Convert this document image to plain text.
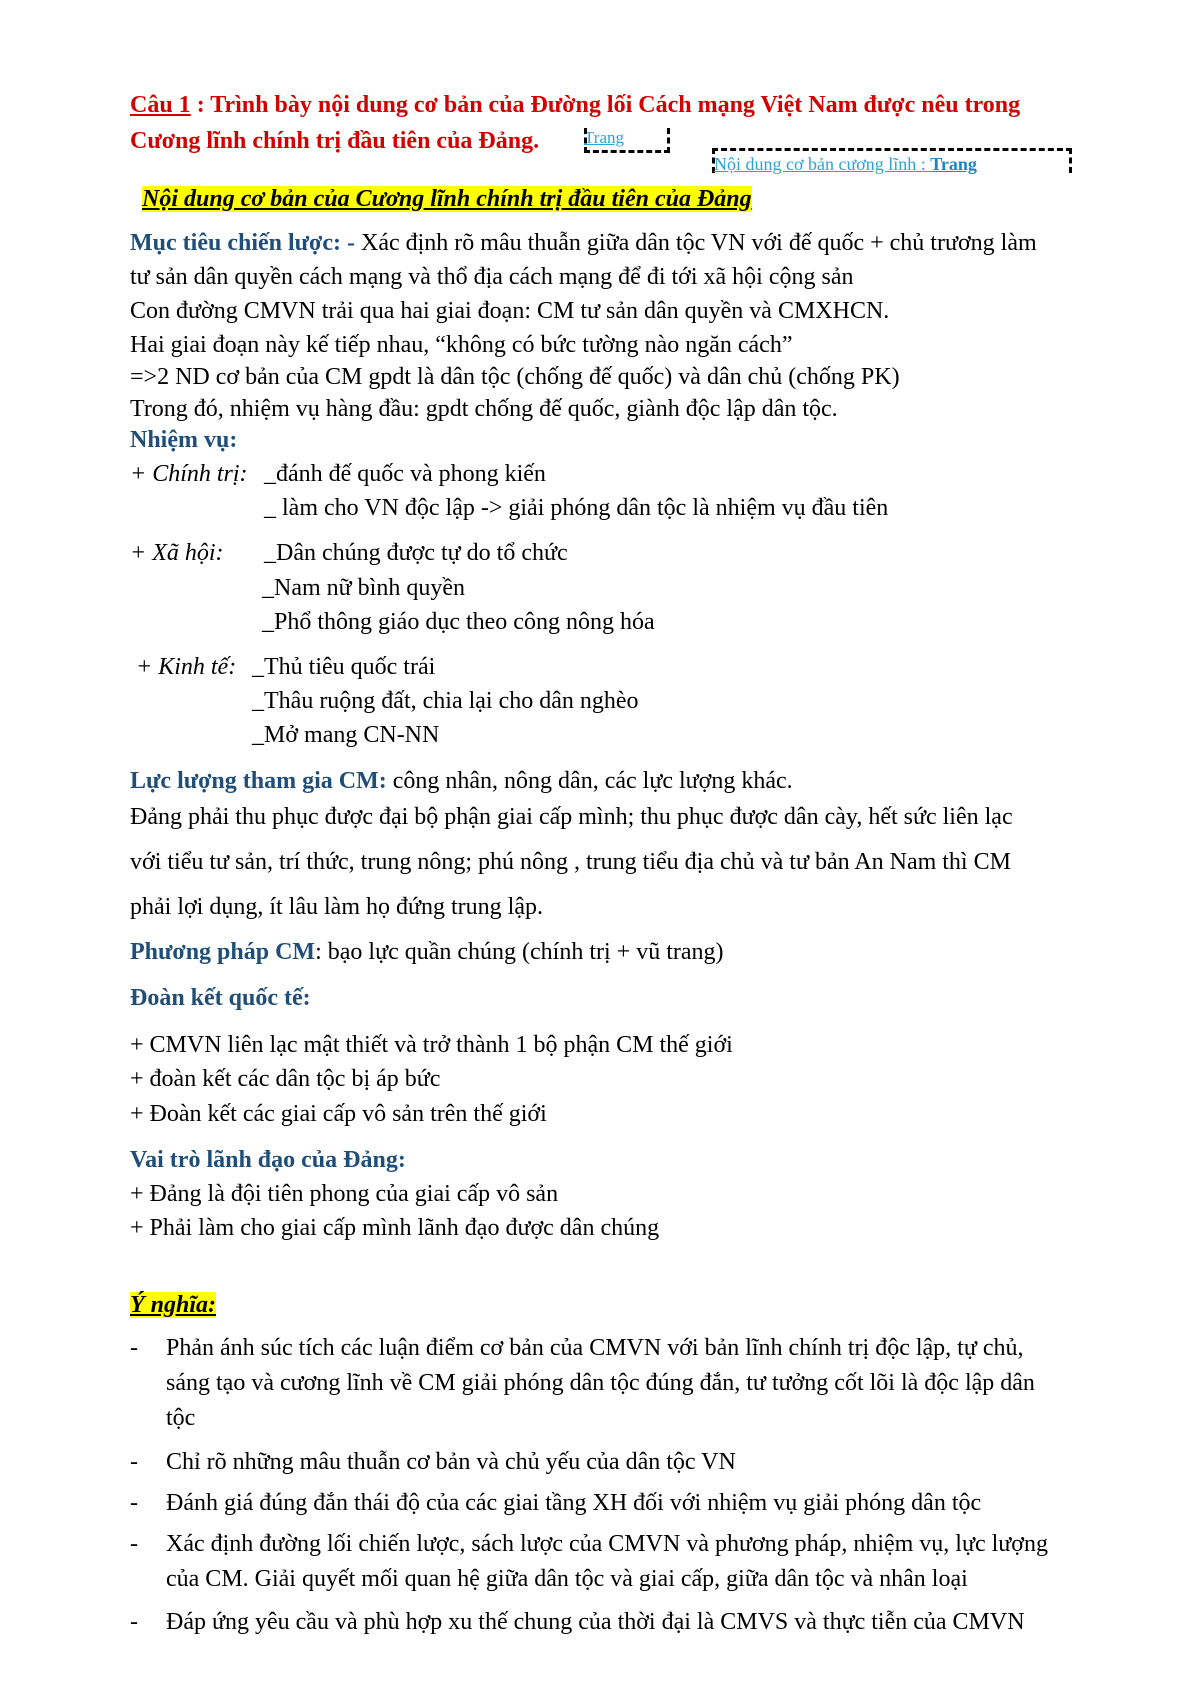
Câu 1 : Trình bày nội dung cơ bản của Đường lối Cách mạng Việt Nam được nêu trong
Cương lĩnh chính trị đầu tiên của Đảng.	Trang
Nội dung cơ bản cương lĩnh : Trang
Nội dung cơ bản của Cương lĩnh chính trị đầu tiên của Đảng
Mục tiêu chiến lược: - Xác định rõ mâu thuẫn giữa dân tộc VN với đế quốc + chủ trương làm
tư sản dân quyền cách mạng và thổ địa cách mạng để đi tới xã hội cộng sản
Con đường CMVN trải qua hai giai đoạn: CM tư sản dân quyền và CMXHCN.
Hai giai đoạn này kế tiếp nhau, “không có bức tường nào ngăn cách”
=>2 ND cơ bản của CM gpdt là dân tộc (chống đế quốc) và dân chủ (chống PK)
Trong đó, nhiệm vụ hàng đầu: gpdt chống đế quốc, giành độc lập dân tộc.
Nhiệm vụ:
+ Chính trị: _đánh đế quốc và phong kiến
_ làm cho VN độc lập -> giải phóng dân tộc là nhiệm vụ đầu tiên
+ Xã hội: _Dân chúng được tự do tổ chức
_Nam nữ bình quyền
_Phổ thông giáo dục theo công nông hóa
+ Kinh tế: _Thủ tiêu quốc trái
_Thâu ruộng đất, chia lại cho dân nghèo
_Mở mang CN-NN
Lực lượng tham gia CM: công nhân, nông dân, các lực lượng khác.
Đảng phải thu phục được đại bộ phận giai cấp mình; thu phục được dân cày, hết sức liên lạc
với tiểu tư sản, trí thức, trung nông; phú nông , trung tiểu địa chủ và tư bản An Nam thì CM
phải lợi dụng, ít lâu làm họ đứng trung lập.
Phương pháp CM: bạo lực quần chúng (chính trị + vũ trang)
Đoàn kết quốc tế:
+ CMVN liên lạc mật thiết và trở thành 1 bộ phận CM thế giới
+ đoàn kết các dân tộc bị áp bức
+ Đoàn kết các giai cấp vô sản trên thế giới
Vai trò lãnh đạo của Đảng:
+ Đảng là đội tiên phong của giai cấp vô sản
+ Phải làm cho giai cấp mình lãnh đạo được dân chúng
Ý nghĩa:
- Phản ánh súc tích các luận điểm cơ bản của CMVN với bản lĩnh chính trị độc lập, tự chủ,
sáng tạo và cương lĩnh về CM giải phóng dân tộc đúng đắn, tư tưởng cốt lõi là độc lập dân
tộc
- Chỉ rõ những mâu thuẫn cơ bản và chủ yếu của dân tộc VN
- Đánh giá đúng đắn thái độ của các giai tầng XH đối với nhiệm vụ giải phóng dân tộc
- Xác định đường lối chiến lược, sách lược của CMVN và phương pháp, nhiệm vụ, lực lượng
của CM. Giải quyết mối quan hệ giữa dân tộc và giai cấp, giữa dân tộc và nhân loại
- Đáp ứng yêu cầu và phù hợp xu thế chung của thời đại là CMVS và thực tiễn của CMVN
